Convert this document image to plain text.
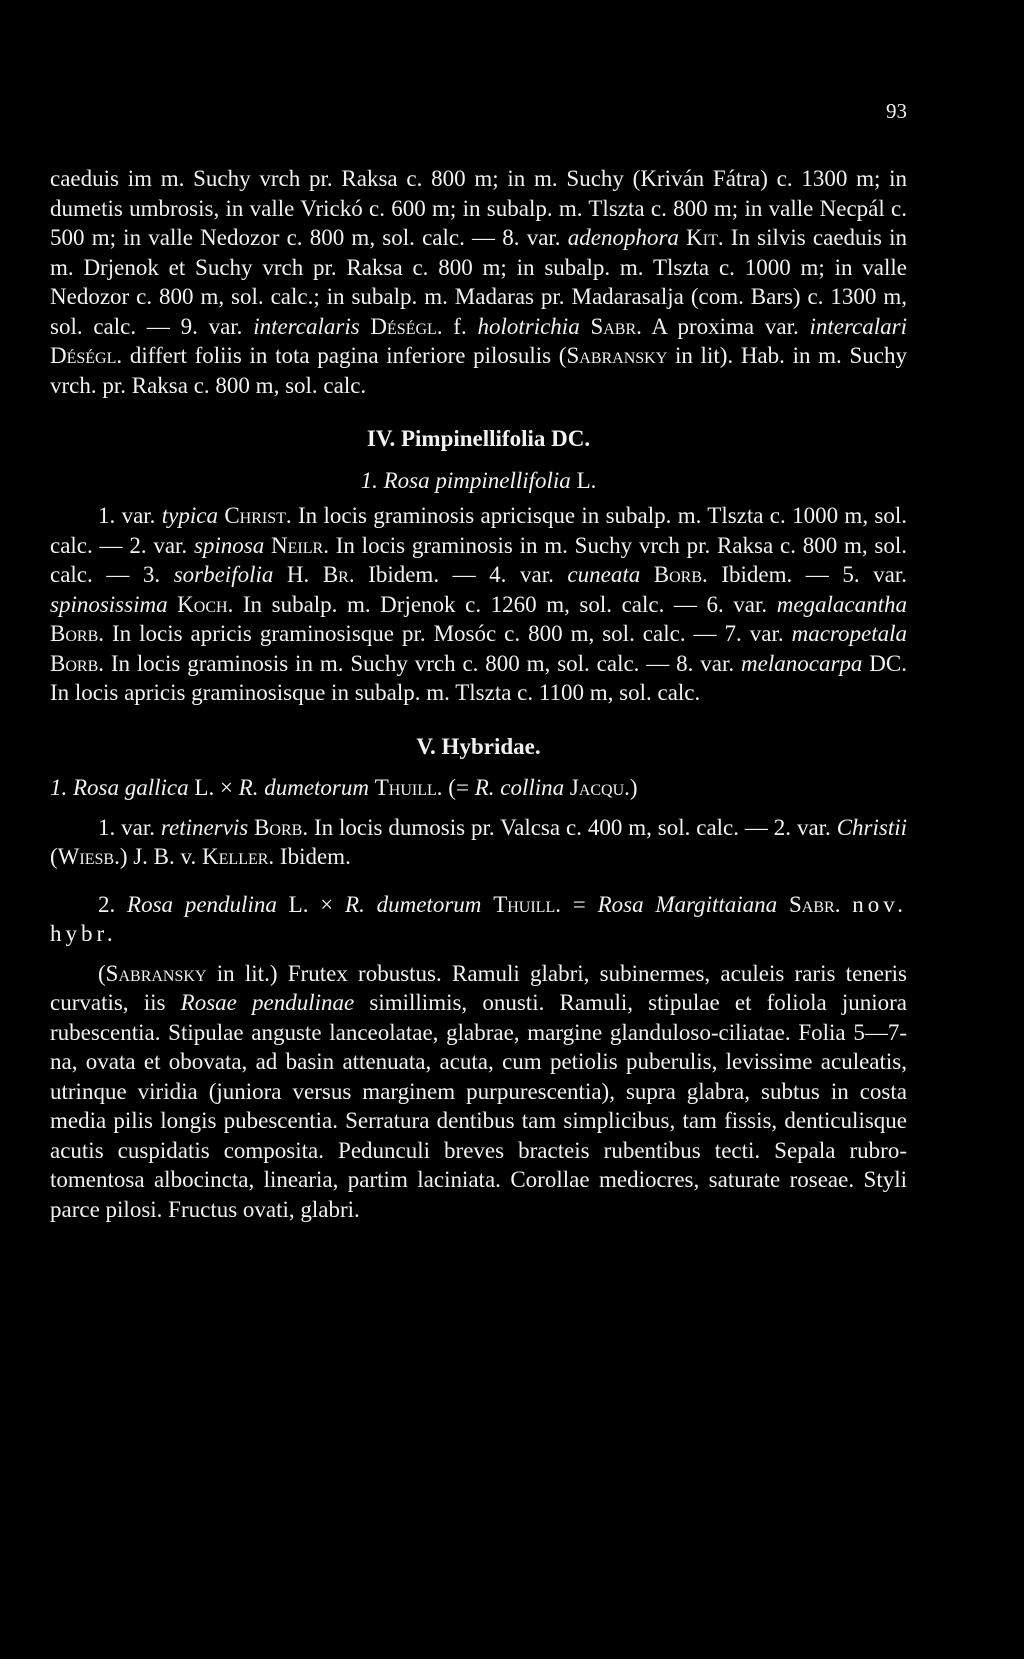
93

caeduis im m. Suchy vrch pr. Raksa c. 800 m; in m. Suchy (Kriván Fátra) c. 1300 m; in dumetis umbrosis, in valle Vrickó c. 600 m; in subalp. m. Tlszta c. 800 m; in valle Necpál c. 500 m; in valle Nedozor c. 800 m, sol. calc. — 8. var. adenophora Kit. In silvis caeduis in m. Drjenok et Suchy vrch pr. Raksa c. 800 m; in subalp. m. Tlszta c. 1000 m; in valle Nedozor c. 800 m, sol. calc.; in subalp. m. Madaras pr. Madarasalja (com. Bars) c. 1300 m, sol. calc. — 9. var. intercalaris Déségl. f. holotrichia Sabr. A proxima var. intercalari Déségl. differt foliis in tota pagina inferiore pilosulis (Sabransky in lit). Hab. in m. Suchy vrch. pr. Raksa c. 800 m, sol. calc.

IV. Pimpinellifolia DC.

1. Rosa pimpinellifolia L.

1. var. typica Christ. In locis graminosis apricisque in subalp. m. Tlszta c. 1000 m, sol. calc. — 2. var. spinosa Neilr. In locis graminosis in m. Suchy vrch pr. Raksa c. 800 m, sol. calc. — 3. sorbeifolia H. Br. Ibidem. — 4. var. cuneata Borb. Ibidem. — 5. var. spinosissima Koch. In subalp. m. Drjenok c. 1260 m, sol. calc. — 6. var. megalacantha Borb. In locis apricis graminosisque pr. Mosóc c. 800 m, sol. calc. — 7. var. macropetala Borb. In locis graminosis in m. Suchy vrch c. 800 m, sol. calc. — 8. var. melanocarpa DC. In locis apricis graminosisque in subalp. m. Tlszta c. 1100 m, sol. calc.

V. Hybridae.

1. Rosa gallica L. × R. dumetorum Thuill. (= R. collina Jacqu.)

1. var. retinervis Borb. In locis dumosis pr. Valcsa c. 400 m, sol. calc. — 2. var. Christii (Wiesb.) J. B. v. Keller. Ibidem.

2. Rosa pendulina L. × R. dumetorum Thuill. = Rosa Margittaiana Sabr. nov. hybr.

(Sabransky in lit.) Frutex robustus. Ramuli glabri, subinermes, aculeis raris teneris curvatis, iis Rosae pendulinae simillimis, onusti. Ramuli, stipulae et foliola juniora rubescentia. Stipulae anguste lanceolatae, glabrae, margine glanduloso-ciliatae. Folia 5—7-na, ovata et obovata, ad basin attenuata, acuta, cum petiolis puberulis, levissime aculeatis, utrinque viridia (juniora versus marginem purpurescentia), supra glabra, subtus in costa media pilis longis pubescentia. Serratura dentibus tam simplicibus, tam fissis, denticulisque acutis cuspidatis composita. Pedunculi breves bracteis rubentibus tecti. Sepala rubro-tomentosa albocincta, linearia, partim laciniata. Corollae mediocres, saturate roseae. Styli parce pilosi. Fructus ovati, glabri.
